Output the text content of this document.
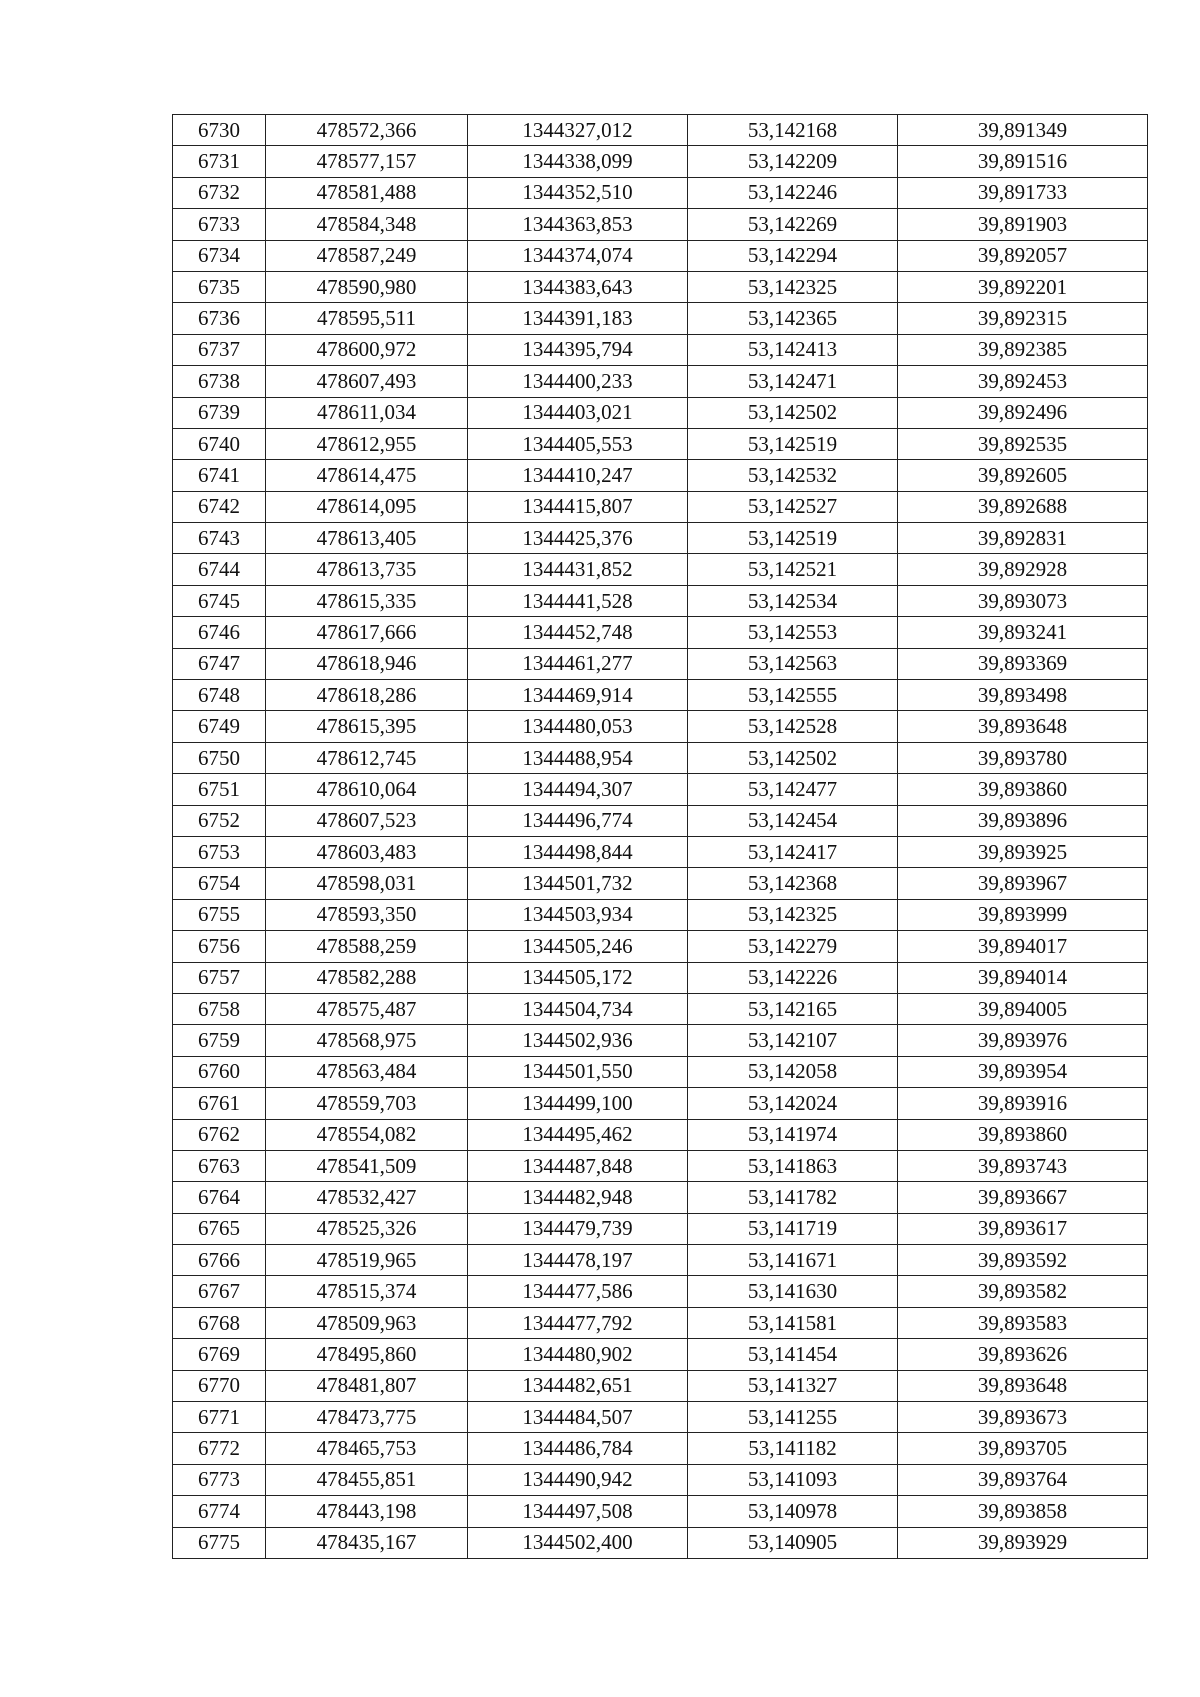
6730	478572,366	1344327,012	53,142168	39,891349
6731	478577,157	1344338,099	53,142209	39,891516
6732	478581,488	1344352,510	53,142246	39,891733
6733	478584,348	1344363,853	53,142269	39,891903
6734	478587,249	1344374,074	53,142294	39,892057
6735	478590,980	1344383,643	53,142325	39,892201
6736	478595,511	1344391,183	53,142365	39,892315
6737	478600,972	1344395,794	53,142413	39,892385
6738	478607,493	1344400,233	53,142471	39,892453
6739	478611,034	1344403,021	53,142502	39,892496
6740	478612,955	1344405,553	53,142519	39,892535
6741	478614,475	1344410,247	53,142532	39,892605
6742	478614,095	1344415,807	53,142527	39,892688
6743	478613,405	1344425,376	53,142519	39,892831
6744	478613,735	1344431,852	53,142521	39,892928
6745	478615,335	1344441,528	53,142534	39,893073
6746	478617,666	1344452,748	53,142553	39,893241
6747	478618,946	1344461,277	53,142563	39,893369
6748	478618,286	1344469,914	53,142555	39,893498
6749	478615,395	1344480,053	53,142528	39,893648
6750	478612,745	1344488,954	53,142502	39,893780
6751	478610,064	1344494,307	53,142477	39,893860
6752	478607,523	1344496,774	53,142454	39,893896
6753	478603,483	1344498,844	53,142417	39,893925
6754	478598,031	1344501,732	53,142368	39,893967
6755	478593,350	1344503,934	53,142325	39,893999
6756	478588,259	1344505,246	53,142279	39,894017
6757	478582,288	1344505,172	53,142226	39,894014
6758	478575,487	1344504,734	53,142165	39,894005
6759	478568,975	1344502,936	53,142107	39,893976
6760	478563,484	1344501,550	53,142058	39,893954
6761	478559,703	1344499,100	53,142024	39,893916
6762	478554,082	1344495,462	53,141974	39,893860
6763	478541,509	1344487,848	53,141863	39,893743
6764	478532,427	1344482,948	53,141782	39,893667
6765	478525,326	1344479,739	53,141719	39,893617
6766	478519,965	1344478,197	53,141671	39,893592
6767	478515,374	1344477,586	53,141630	39,893582
6768	478509,963	1344477,792	53,141581	39,893583
6769	478495,860	1344480,902	53,141454	39,893626
6770	478481,807	1344482,651	53,141327	39,893648
6771	478473,775	1344484,507	53,141255	39,893673
6772	478465,753	1344486,784	53,141182	39,893705
6773	478455,851	1344490,942	53,141093	39,893764
6774	478443,198	1344497,508	53,140978	39,893858
6775	478435,167	1344502,400	53,140905	39,893929
